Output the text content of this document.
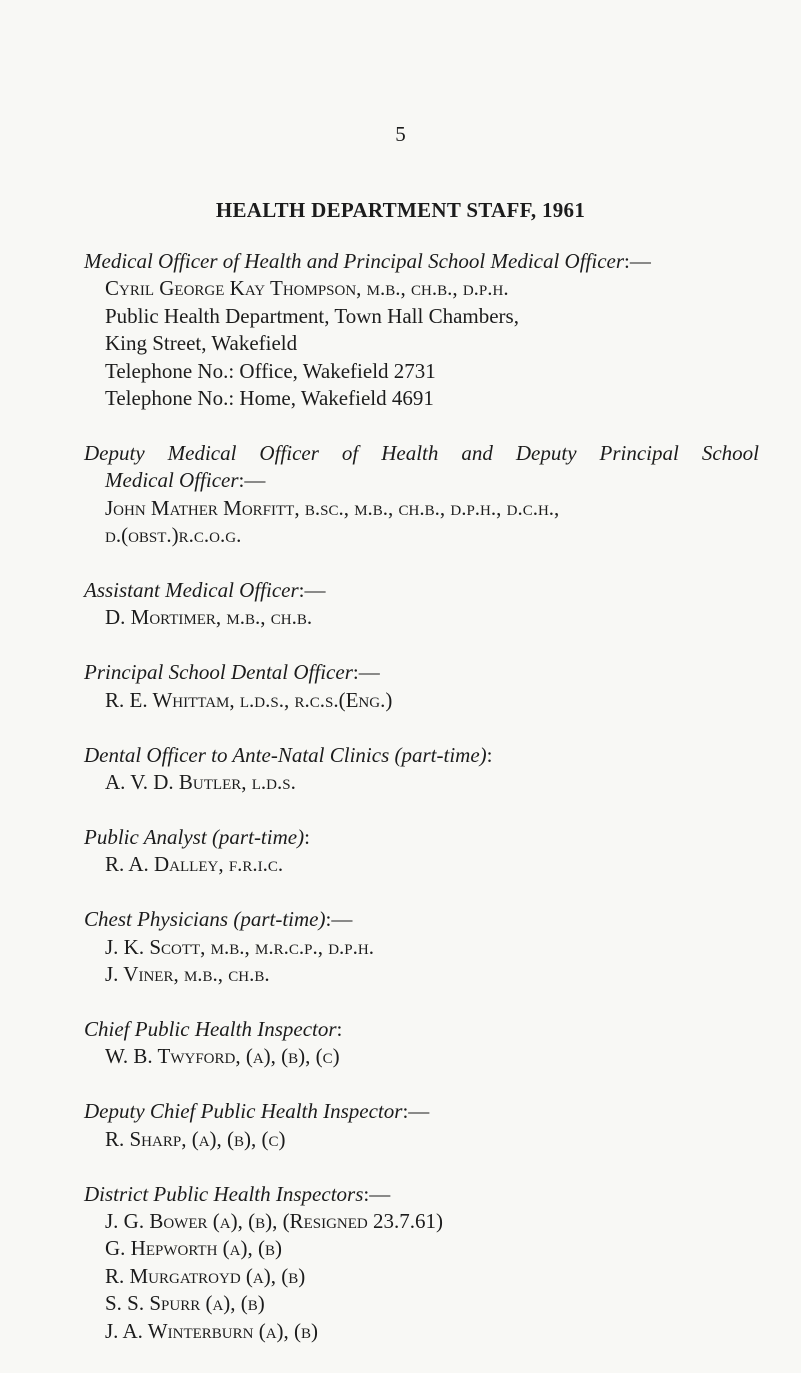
5
HEALTH DEPARTMENT STAFF, 1961

Medical Officer of Health and Principal School Medical Officer:—

Cyril George Kay Thompson, m.b., ch.b., d.p.h.

Public Health Department, Town Hall Chambers,

King Street, Wakefield

Telephone No.: Office, Wakefield 2731

Telephone No.: Home, Wakefield 4691

Deputy Medical Officer of Health and Deputy Principal School

Medical Officer:—

John Mather Morfitt, b.sc., m.b., ch.b., d.p.h., d.c.h.,

d.(obst.)r.c.o.g.

Assistant Medical Officer:—

D. Mortimer, m.b., ch.b.

Principal School Dental Officer:—

R. E. Whittam, l.d.s., r.c.s.(Eng.)

Dental Officer to Ante-Natal Clinics (part-time):

A. V. D. Butler, l.d.s.

Public Analyst (part-time):

R. A. Dalley, f.r.i.c.

Chest Physicians (part-time):—

J. K. Scott, m.b., m.r.c.p., d.p.h.

J. Viner, m.b., ch.b.

Chief Public Health Inspector:

W. B. Twyford, (a), (b), (c)

Deputy Chief Public Health Inspector:—

R. Sharp, (a), (b), (c)

District Public Health Inspectors:—

J. G. Bower (a), (b), (Resigned 23.7.61)

G. Hepworth (a), (b)

R. Murgatroyd (a), (b)

S. S. Spurr (a), (b)

J. A. Winterburn (a), (b)
